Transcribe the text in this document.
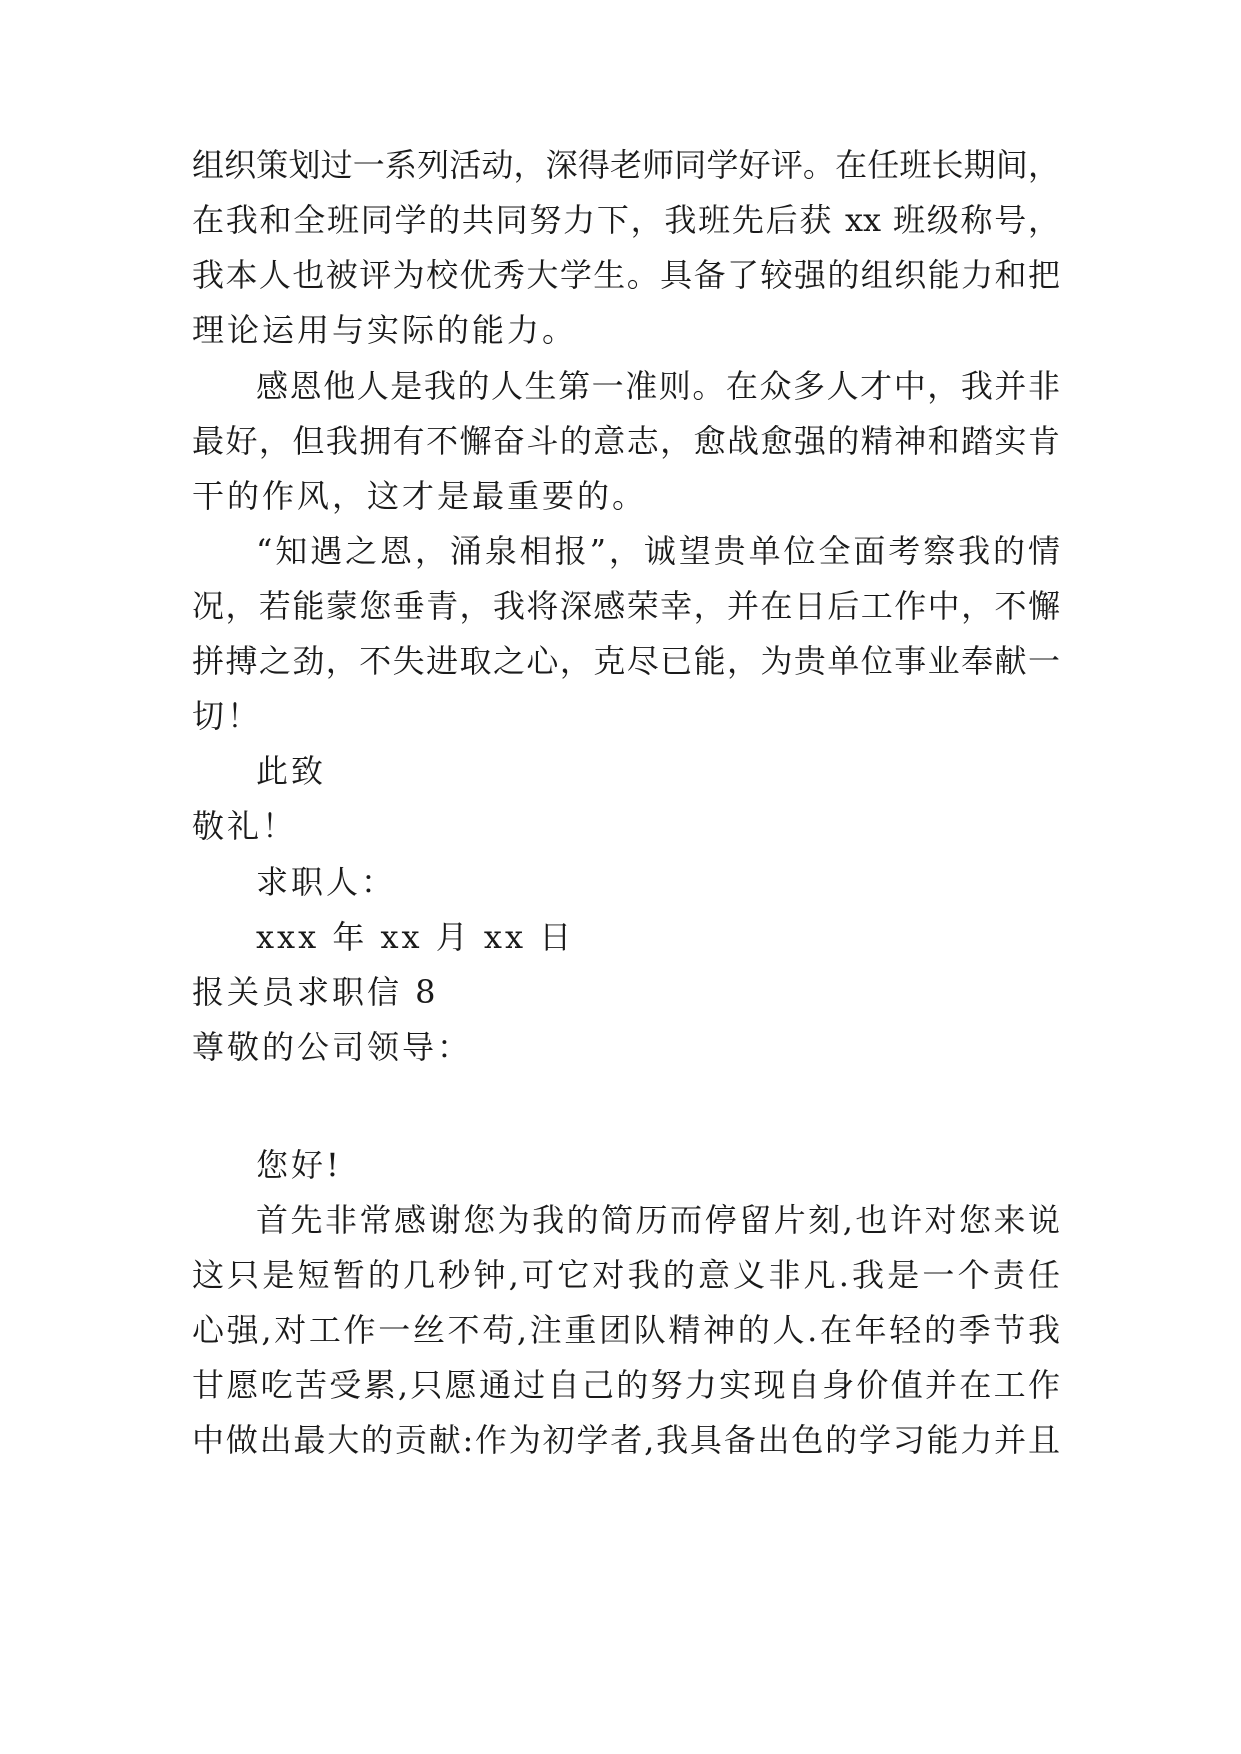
组织策划过一系列活动，深得老师同学好评。在任班长期间，
在我和全班同学的共同努力下，我班先后获 xx 班级称号，
我本人也被评为校优秀大学生。具备了较强的组织能力和把
理论运用与实际的能力。
感恩他人是我的人生第一准则。在众多人才中，我并非
最好，但我拥有不懈奋斗的意志，愈战愈强的精神和踏实肯
干的作风，这才是最重要的。
“知遇之恩，涌泉相报”，诚望贵单位全面考察我的情
况，若能蒙您垂青，我将深感荣幸，并在日后工作中，不懈
拼搏之劲，不失进取之心，克尽已能，为贵单位事业奉献一
切！
此致
敬礼！
求职人：
xxx 年 xx 月 xx 日
报关员求职信 8
尊敬的公司领导：
您好!
首先非常感谢您为我的简历而停留片刻,也许对您来说
这只是短暂的几秒钟,可它对我的意义非凡.我是一个责任
心强,对工作一丝不苟,注重团队精神的人.在年轻的季节我
甘愿吃苦受累,只愿通过自己的努力实现自身价值并在工作
中做出最大的贡献:作为初学者,我具备出色的学习能力并且
